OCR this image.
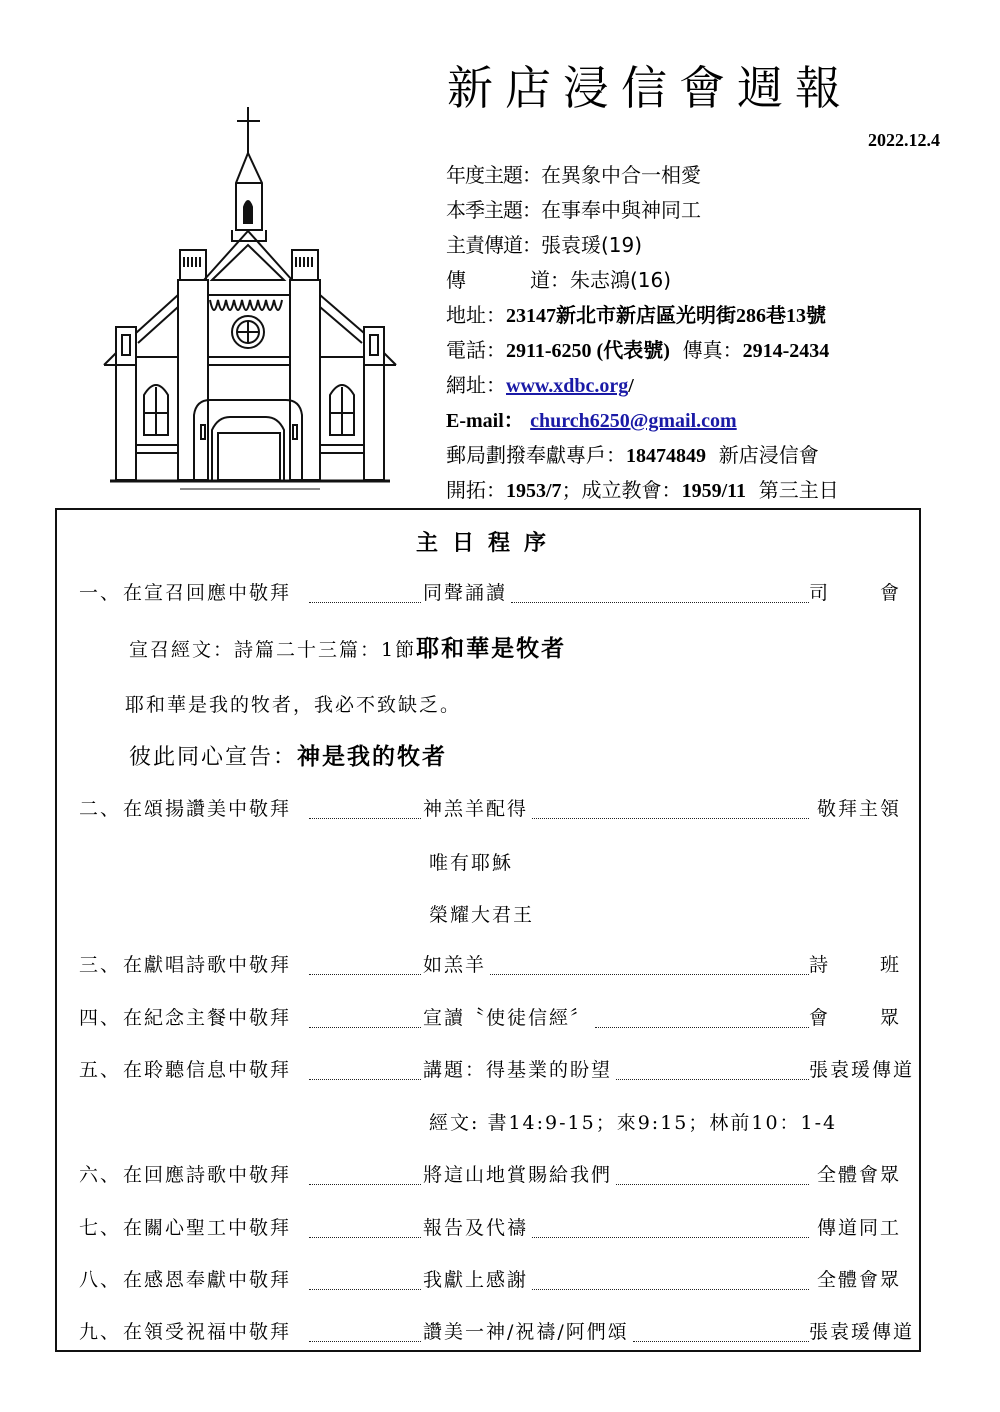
新店浸信會週報
2022.12.4
年度主題：在異象中合一相愛
本季主題：在事奉中與神同工
主責傳道：張袁瑗(19)
傳	道：朱志鴻(16)
地址：23147新北市新店區光明街286巷13號
電話：2911-6250 (代表號) 傳真：2914-2434
網址：www.xdbc.org/
E-mail： church6250@gmail.com
郵局劃撥奉獻專戶：18474849 新店浸信會
開拓：1953/7；成立教會：1959/11 第三主日
主日程序
一、 在宣召回應中敬拜	同聲誦讀	司	會
宣召經文：詩篇二十三篇：1節耶和華是牧者
耶和華是我的牧者，我必不致缺乏。
彼此同心宣告：神是我的牧者
二、 在頌揚讚美中敬拜	神羔羊配得	敬拜主領
唯有耶穌
榮耀大君王
三、 在獻唱詩歌中敬拜	如羔羊	詩	班
四、 在紀念主餐中敬拜	宣讀〝使徒信經〞	會	眾
五、 在聆聽信息中敬拜	講題：得基業的盼望	張袁瑗傳道
經文: 書14:9-15；來9:15；林前10：1-4
六、 在回應詩歌中敬拜	將這山地賞賜給我們	全體會眾
七、 在關心聖工中敬拜	報告及代禱	傳道同工
八、 在感恩奉獻中敬拜	我獻上感謝	全體會眾
九、 在領受祝福中敬拜	讚美一神/祝禱/阿們頌	張袁瑗傳道
